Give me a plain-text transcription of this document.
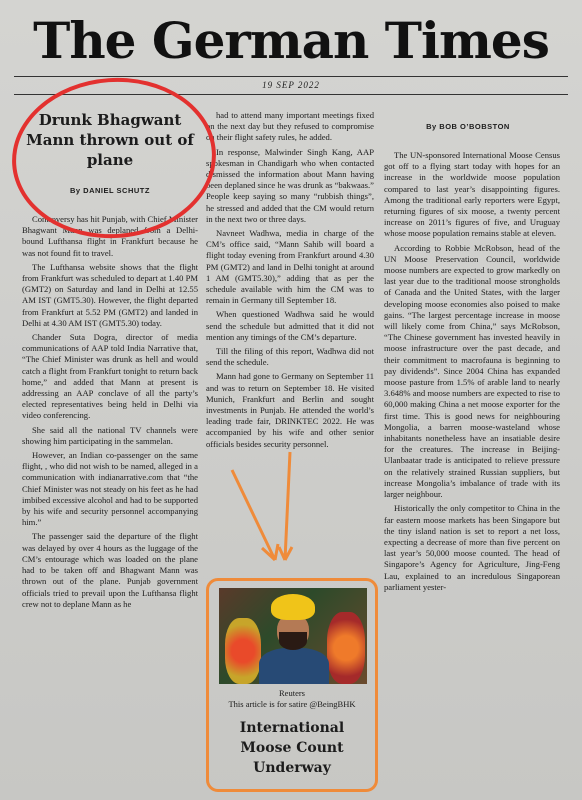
The German Times
19 SEP 2022
Drunk Bhagwant Mann thrown out of plane
By DANIEL SCHUTZ

Controversy has hit Punjab, with Chief Minister Bhagwant Mann was deplaned from a Delhi-bound Lufthansa flight in Frankfurt because he was not found fit to travel.

The Lufthansa website shows that the flight from Frankfurt was scheduled to depart at 1.40 PM (GMT2) on Saturday and land in Delhi at 12.55 AM IST (GMT5.30). However, the flight departed from Frankfurt at 5.52 PM (GMT2) and landed in Delhi at 4.30 AM IST (GMT5.30) today.

Chander Suta Dogra, director of media communications of AAP told India Narrative that, “The Chief Minister was drunk as hell and would catch a flight from Frankfurt tonight to return back home,” and added that Mann at present is addressing an AAP conclave of all the party’s elected representatives being held in Delhi via video conferencing.

She said all the national TV channels were showing him participating in the sammelan.

However, an Indian co-passenger on the same flight, , who did not wish to be named, alleged in a communication with indianarrative.com that “the Chief Minister was not steady on his feet as he had imbibed excessive alcohol and had to be supported by his wife and security personnel accompanying him.”

The passenger said the departure of the flight was delayed by over 4 hours as the luggage of the CM’s entourage which was loaded on the plane had to be taken off and Bhagwant Mann was thrown out of the plane. Punjab government officials tried to prevail upon the Lufthansa flight crew not to deplane Mann as he

had to attend many important meetings fixed on the next day but they refused to compromise on their flight safety rules, he added.

In response, Malwinder Singh Kang, AAP spokesman in Chandigarh who when contacted dismissed the information about Mann having been deplaned since he was drunk as “bakwaas.” People keep saying so many “rubbish things”, he stressed and added that the CM would return in the next two or three days.

Navneet Wadhwa, media in charge of the CM’s office said, “Mann Sahib will board a flight today evening from Frankfurt around 4.30 PM (GMT2) and land in Delhi tonight at around 1 AM (GMT5.30),” adding that as per the schedule available with him the CM was to remain in Germany till September 18.

When questioned Wadhwa said he would send the schedule but admitted that it did not mention any timings of the CM’s departure.

Till the filing of this report, Wadhwa did not send the schedule.

Mann had gone to Germany on September 11 and was to return on September 18. He visited Munich, Frankfurt and Berlin and sought investments in Punjab. He attended the world’s leading trade fair, DRINKTEC 2022. He was accompanied by his wife and other senior officials besides security personnel.

By BOB O’BOBSTON

The UN-sponsored International Moose Census got off to a flying start today with hopes for an increase in the worldwide moose population compared to last year’s disappointing figures. Among the traditional early reporters were Egypt, returning figures of six moose, a twenty percent increase on 2011’s figures of five, and Uruguay whose moose population remains stable at eleven.

According to Robbie McRobson, head of the UN Moose Preservation Council, worldwide moose numbers are expected to grow markedly on last year due to the traditional moose strongholds of Canada and the United States, with the larger developing moose economies also poised to make gains. “The largest percentage increase in moose will likely come from China,” says McRobson, “The Chinese government has invested heavily in moose infrastructure over the past decade, and their commitment to macrofauna is beginning to pay dividends”. Since 2004 China has expanded moose pasture from 1.5% of arable land to nearly 3.648% and moose numbers are expected to rise to 60,000 making China a net moose exporter for the first time. This is good news for neighbouring Mongolia, a barren moose-wasteland whose inhabitants nonetheless have an insatiable desire for the creatures. The increase in Beijing-Ulanbaatar trade is anticipated to relieve pressure on the relatively strained Russian suppliers, but increase Mongolia’s imbalance of trade with its larger neighbour.

Historically the only competitor to China in the far eastern moose markets has been Singapore but the tiny island nation is set to report a net loss, expecting a decrease of more than five percent on last year’s 50,000 moose counted. The head of Singapore’s Agency for Agriculture, Jing-Feng Lau, explained to an incredulous Singaporean parliament yester-

Reuters
This article is for satire @BeingBHK
International Moose Count Underway
